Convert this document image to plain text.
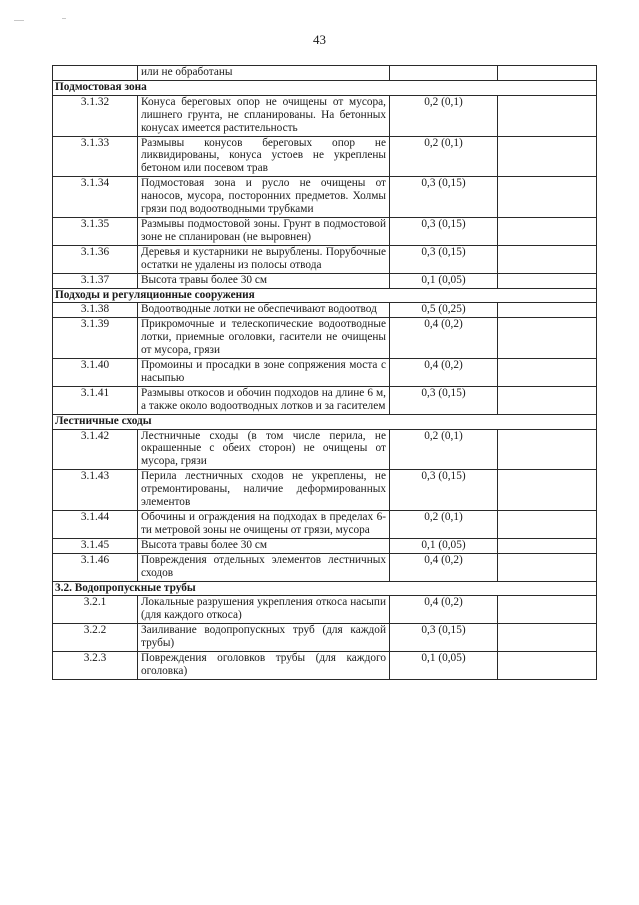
43
	или не обработаны		
Подмостовая зона			
3.1.32	Конуса береговых опор не очищены от мусора, лишнего грунта, не спланированы. На бетонных конусах имеется растительность	0,2 (0,1)	
3.1.33	Размывы конусов береговых опор не ликвидированы, конуса устоев не укреплены бетоном или посевом трав	0,2 (0,1)	
3.1.34	Подмостовая зона и русло не очищены от наносов, мусора, посторонних предметов. Холмы грязи под водоотводными трубками	0,3 (0,15)	
3.1.35	Размывы подмостовой зоны. Грунт в подмостовой зоне не спланирован (не выровнен)	0,3 (0,15)	
3.1.36	Деревья и кустарники не вырублены. Порубочные остатки не удалены из полосы отвода	0,3 (0,15)	
3.1.37	Высота травы более 30 см	0,1 (0,05)	
Подходы и регуляционные сооружения			
3.1.38	Водоотводные лотки не обеспечивают водоотвод	0,5 (0,25)	
3.1.39	Прикромочные и телескопические водоотводные лотки, приемные оголовки, гасители не очищены от мусора, грязи	0,4 (0,2)	
3.1.40	Промоины и просадки в зоне сопряжения моста с насыпью	0,4 (0,2)	
3.1.41	Размывы откосов и обочин подходов на длине 6 м, а также около водоотводных лотков и за гасителем	0,3 (0,15)	
Лестничные сходы			
3.1.42	Лестничные сходы (в том числе перила, не окрашенные с обеих сторон) не очищены от мусора, грязи	0,2 (0,1)	
3.1.43	Перила лестничных сходов не укреплены, не отремонтированы, наличие деформированных элементов	0,3 (0,15)	
3.1.44	Обочины и ограждения на подходах в пределах 6-ти метровой зоны не очищены от грязи, мусора	0,2 (0,1)	
3.1.45	Высота травы более 30 см	0,1 (0,05)	
3.1.46	Повреждения отдельных элементов лестничных сходов	0,4 (0,2)	
3.2. Водопропускные трубы			
3.2.1	Локальные разрушения укрепления откоса насыпи (для каждого откоса)	0,4 (0,2)	
3.2.2	Заиливание водопропускных труб (для каждой трубы)	0,3 (0,15)	
3.2.3	Повреждения оголовков трубы (для каждого оголовка)	0,1 (0,05)	
